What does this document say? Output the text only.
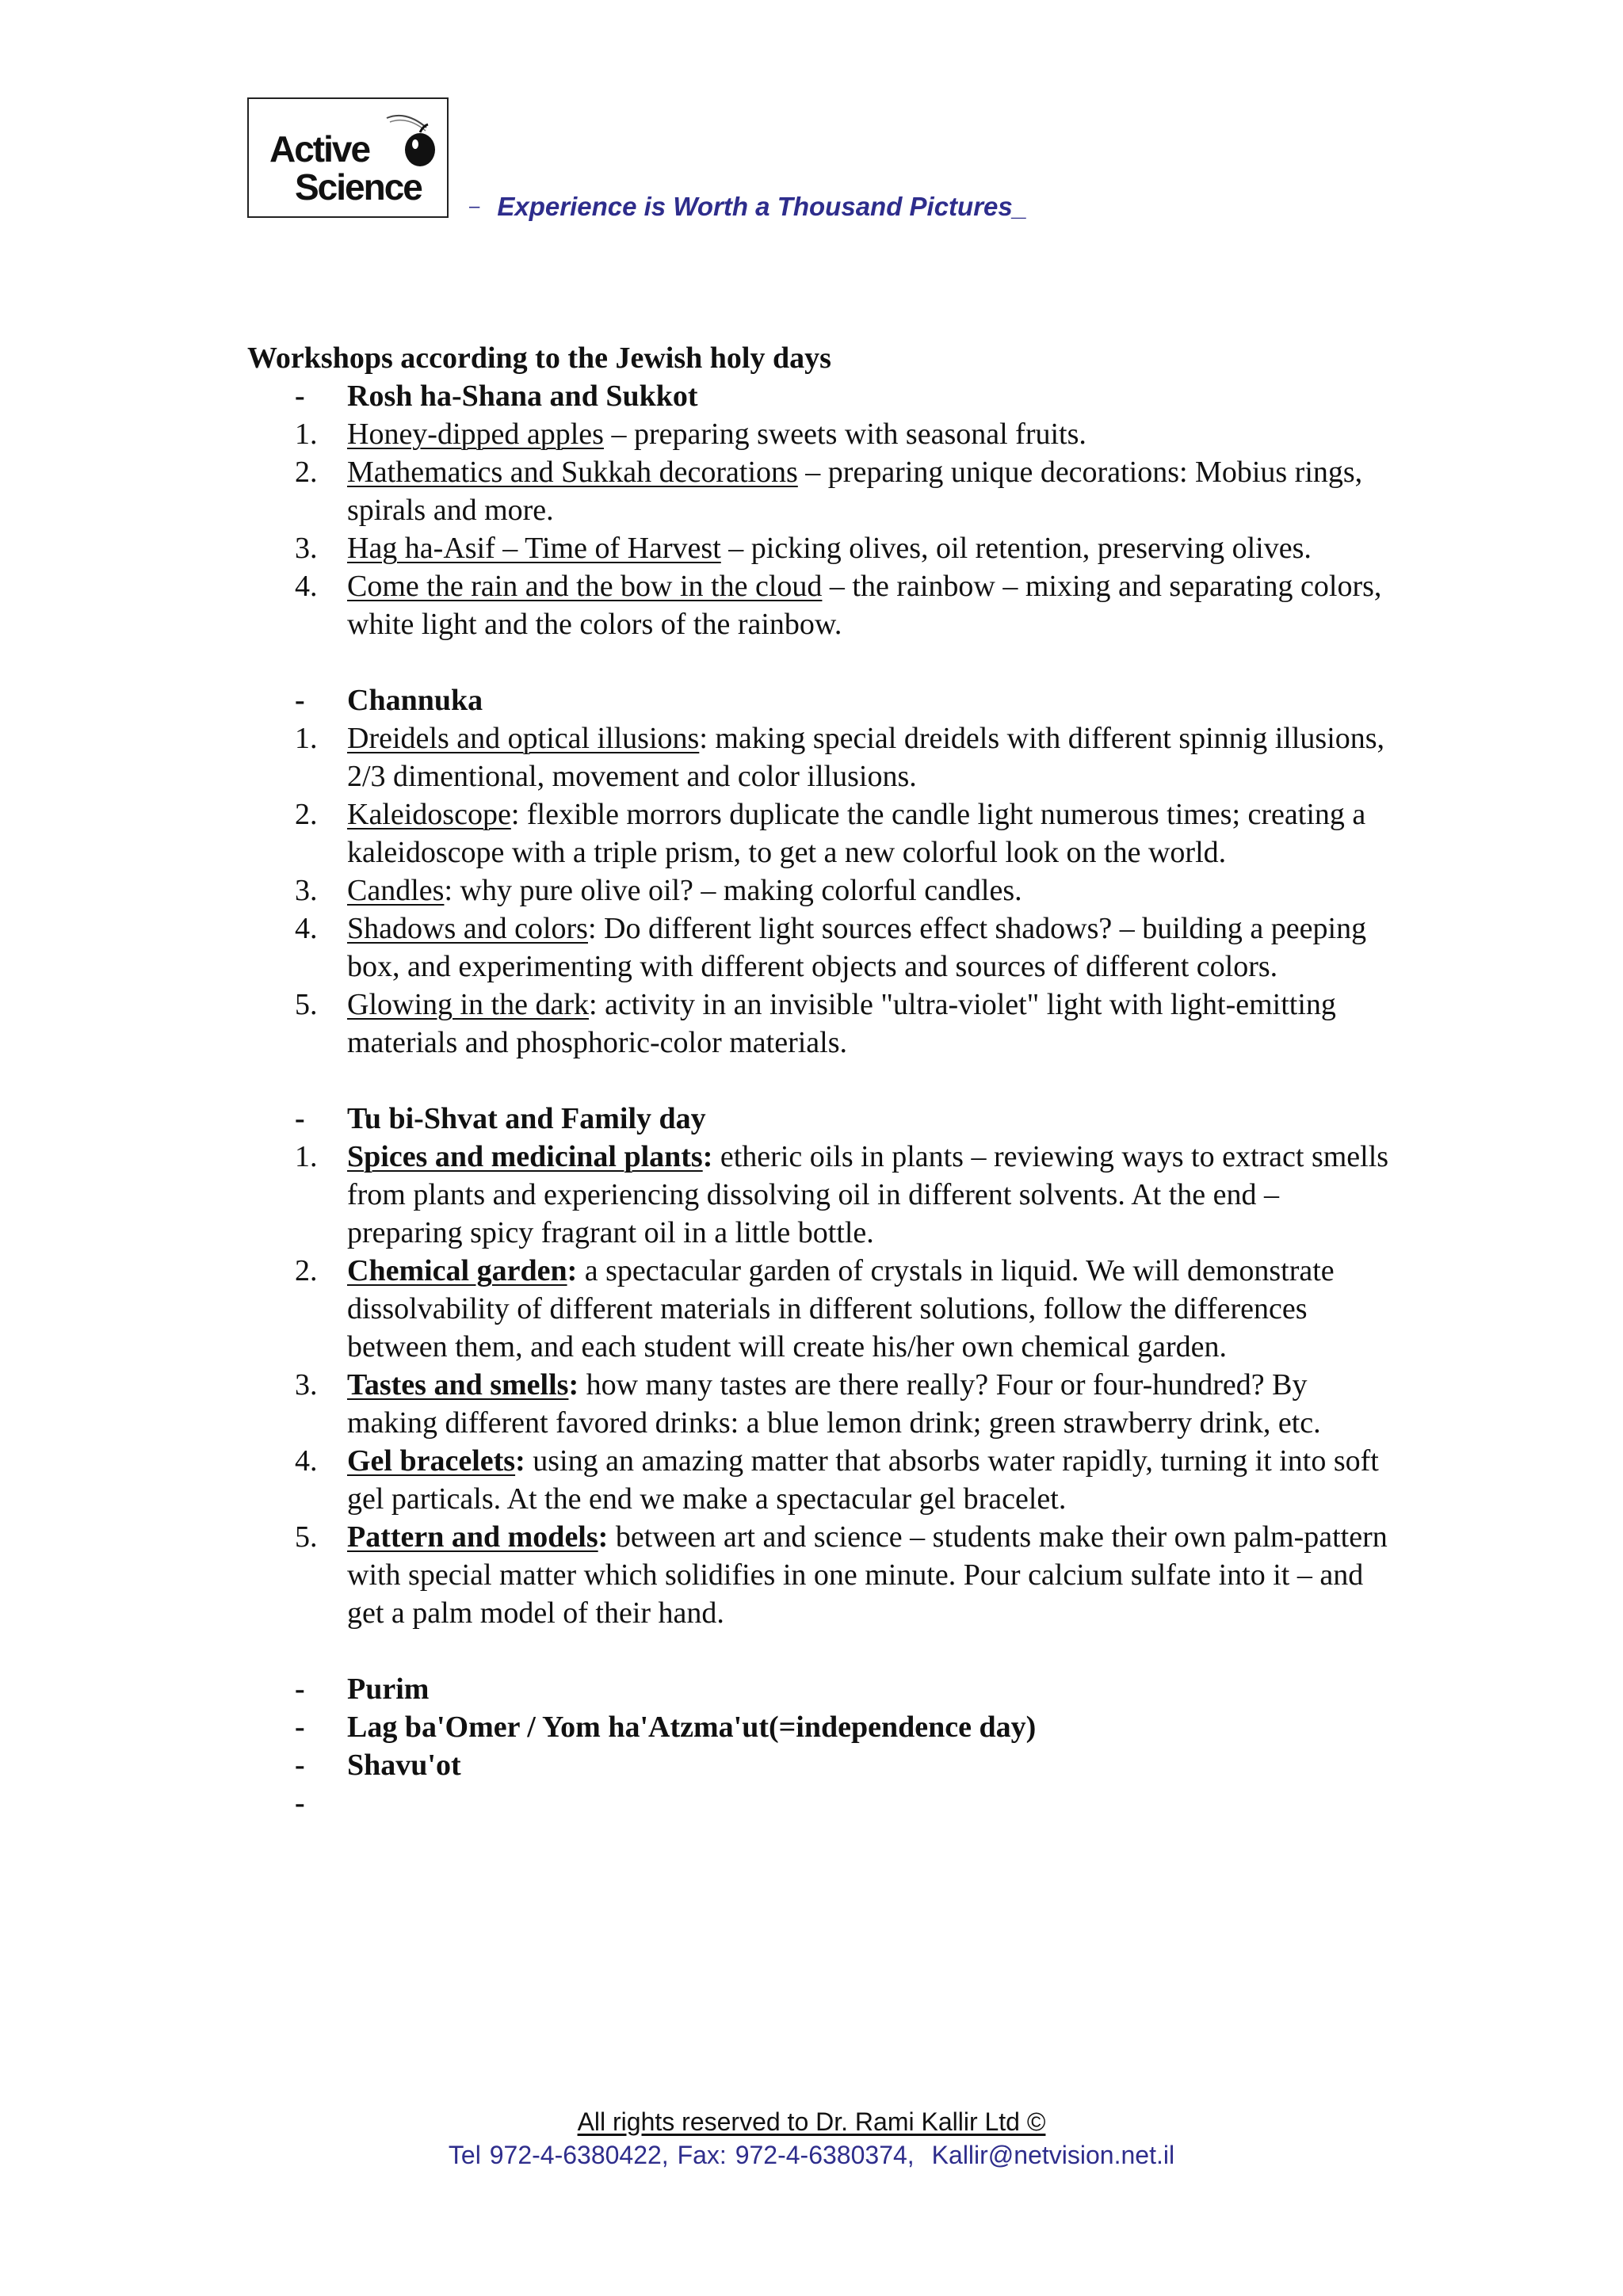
Active
Science	– Experience is Worth a Thousand Pictures_
Workshops according to the Jewish holy days
- Rosh ha-Shana and Sukkot
1. Honey-dipped apples – preparing sweets with seasonal fruits.
2. Mathematics and Sukkah decorations – preparing unique decorations: Mobius rings, spirals and more.
3. Hag ha-Asif – Time of Harvest – picking olives, oil retention, preserving olives.
4. Come the rain and the bow in the cloud – the rainbow – mixing and separating colors, white light and the colors of the rainbow.
- Channuka
1. Dreidels and optical illusions: making special dreidels with different spinnig illusions, 2/3 dimentional, movement and color illusions.
2. Kaleidoscope: flexible morrors duplicate the candle light numerous times; creating a kaleidoscope with a triple prism, to get a new colorful look on the world.
3. Candles: why pure olive oil? – making colorful candles.
4. Shadows and colors: Do different light sources effect shadows? – building a peeping box, and experimenting with different objects and sources of different colors.
5. Glowing in the dark: activity in an invisible "ultra-violet" light with light-emitting materials and phosphoric-color materials.
- Tu bi-Shvat and Family day
1. Spices and medicinal plants: etheric oils in plants – reviewing ways to extract smells from plants and experiencing dissolving oil in different solvents. At the end – preparing spicy fragrant oil in a little bottle.
2. Chemical garden: a spectacular garden of crystals in liquid. We will demonstrate dissolvability of different materials in different solutions, follow the differences between them, and each student will create his/her own chemical garden.
3. Tastes and smells: how many tastes are there really? Four or four-hundred? By making different favored drinks: a blue lemon drink; green strawberry drink, etc.
4. Gel bracelets: using an amazing matter that absorbs water rapidly, turning it into soft gel particals. At the end we make a spectacular gel bracelet.
5. Pattern and models: between art and science – students make their own palm-pattern with special matter which solidifies in one minute. Pour calcium sulfate into it – and get a palm model of their hand.
- Purim
- Lag ba'Omer / Yom ha'Atzma'ut(=independence day)
- Shavu'ot
-
All rights reserved to Dr. Rami Kallir Ltd ©
Tel 972-4-6380422, Fax: 972-4-6380374, Kallir@netvision.net.il
